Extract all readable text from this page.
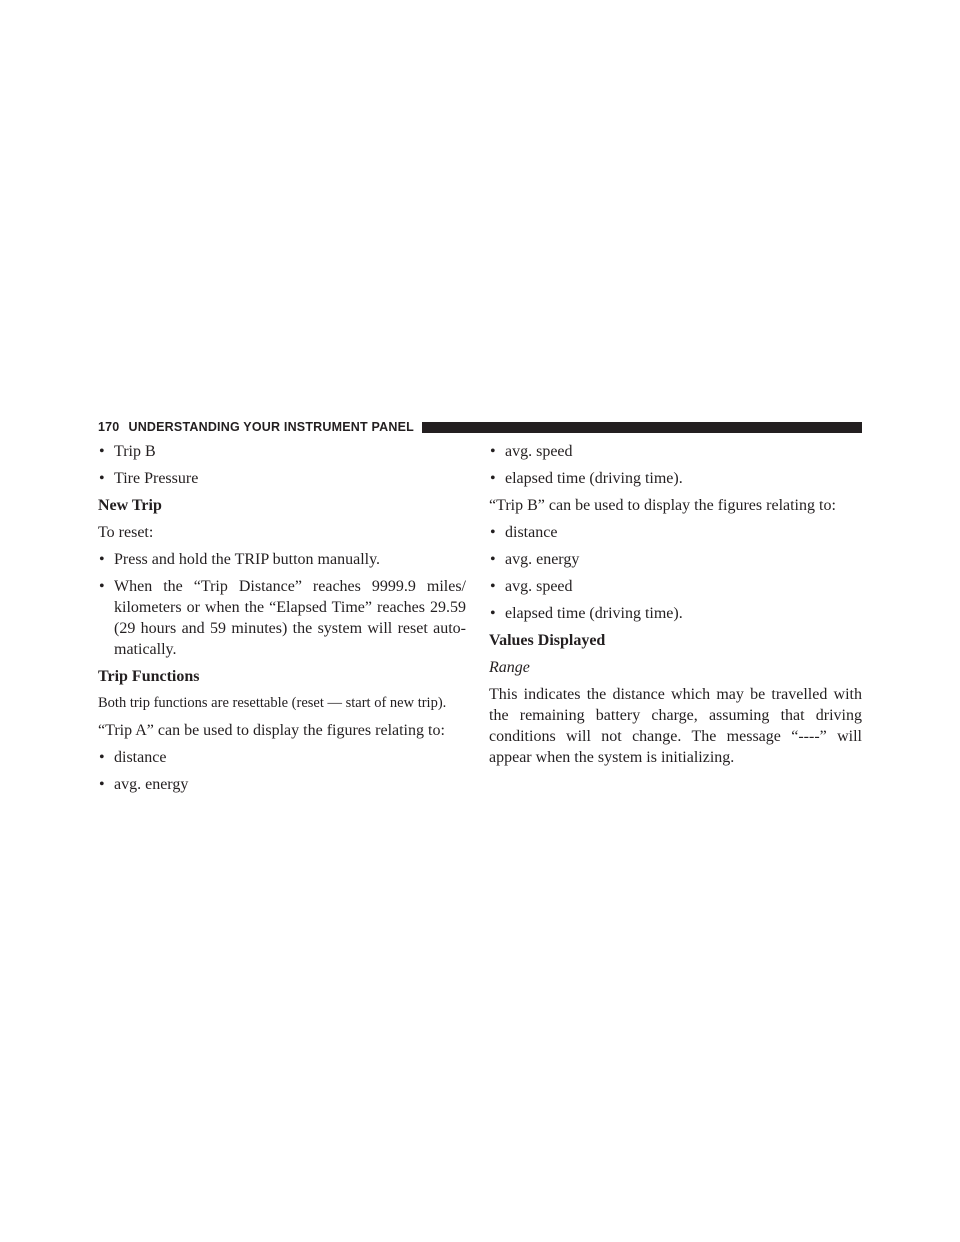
170 UNDERSTANDING YOUR INSTRUMENT PANEL
• Trip B
• Tire Pressure
New Trip
To reset:
• Press and hold the TRIP button manually.
• When the “Trip Distance” reaches 9999.9 miles/ kilometers or when the “Elapsed Time” reaches 29.59 (29 hours and 59 minutes) the system will reset auto- matically.
Trip Functions
Both trip functions are resettable (reset — start of new trip).
“Trip A” can be used to display the figures relating to:
• distance
• avg. energy
• avg. speed
• elapsed time (driving time).
“Trip B” can be used to display the figures relating to:
• distance
• avg. energy
• avg. speed
• elapsed time (driving time).
Values Displayed
Range
This indicates the distance which may be travelled with the remaining battery charge, assuming that driving conditions will not change. The message “----” will appear when the system is initializing.
